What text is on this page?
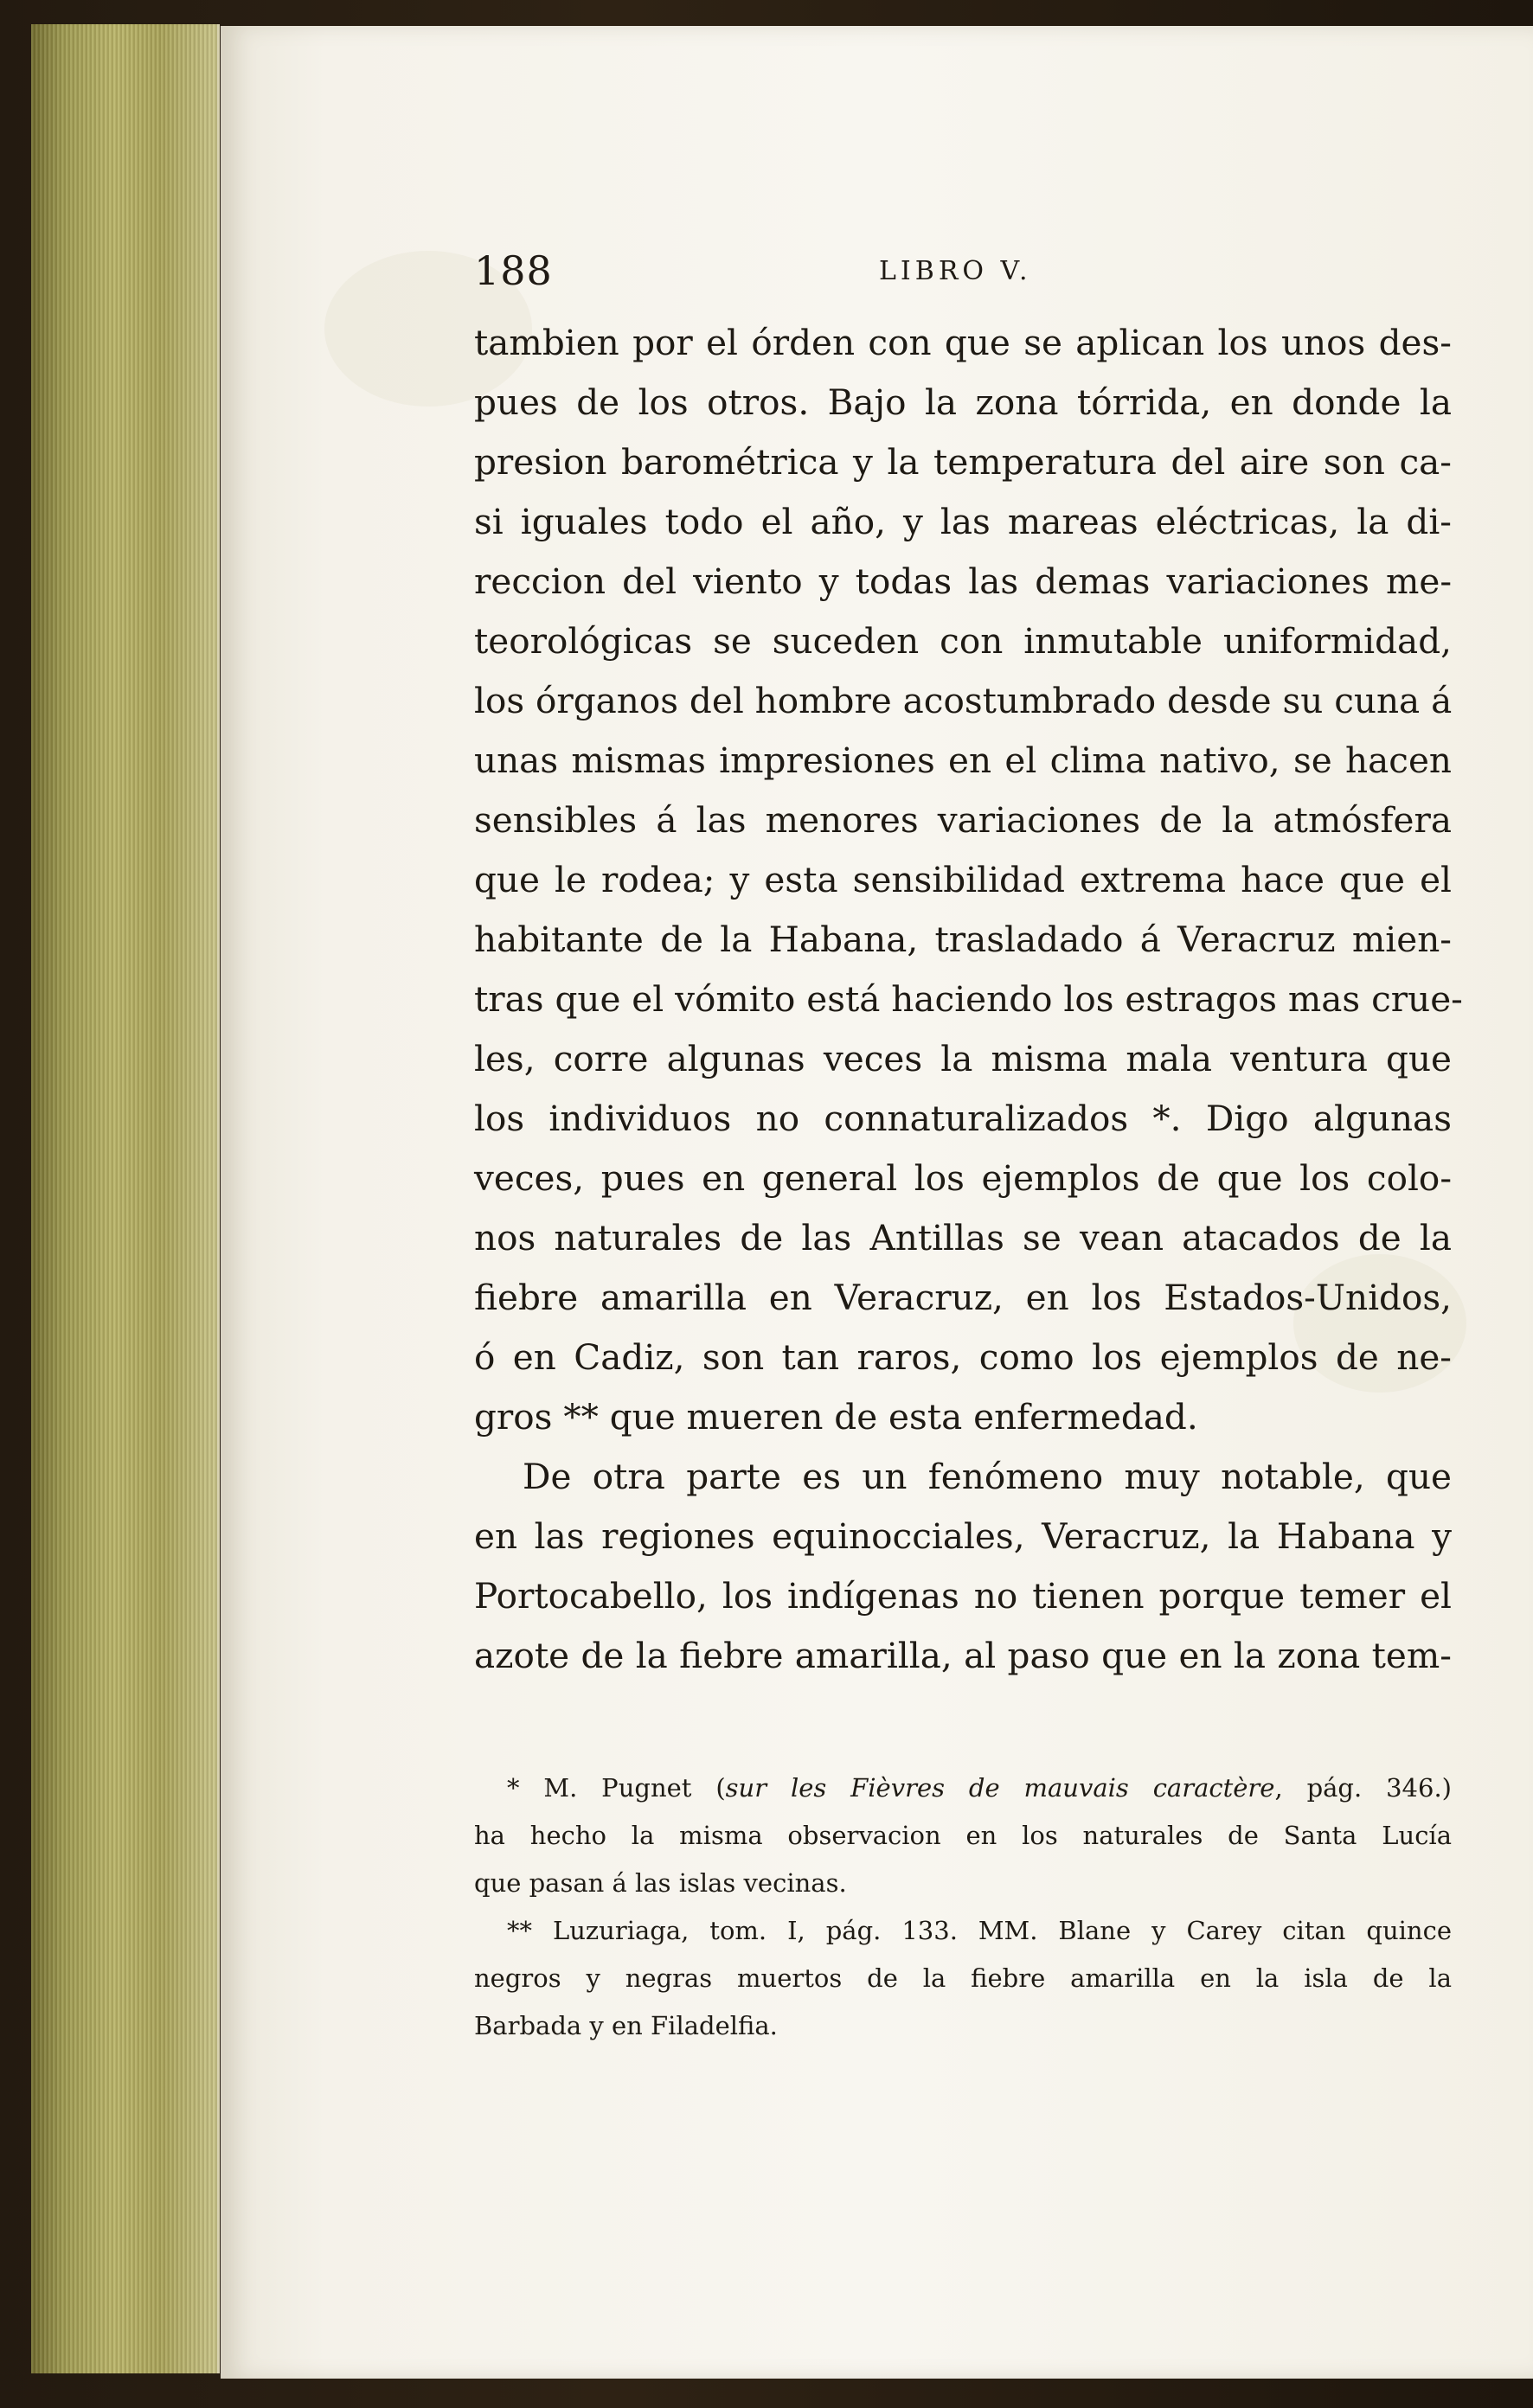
188	LIBRO V.
tambien por el órden con que se aplican los unos des-
pues de los otros. Bajo la zona tórrida, en donde la
presion barométrica y la temperatura del aire son ca-
si iguales todo el año, y las mareas eléctricas, la di-
reccion del viento y todas las demas variaciones me-
teorológicas se suceden con inmutable uniformidad,
los órganos del hombre acostumbrado desde su cuna á
unas mismas impresiones en el clima nativo, se hacen
sensibles á las menores variaciones de la atmósfera
que le rodea; y esta sensibilidad extrema hace que el
habitante de la Habana, trasladado á Veracruz mien-
tras que el vómito está haciendo los estragos mas crue-
les, corre algunas veces la misma mala ventura que
los individuos no connaturalizados *. Digo algunas
veces, pues en general los ejemplos de que los colo-
nos naturales de las Antillas se vean atacados de la
fiebre amarilla en Veracruz, en los Estados-Unidos,
ó en Cadiz, son tan raros, como los ejemplos de ne-
gros ** que mueren de esta enfermedad.
De otra parte es un fenómeno muy notable, que
en las regiones equinocciales, Veracruz, la Habana y
Portocabello, los indígenas no tienen porque temer el
azote de la fiebre amarilla, al paso que en la zona tem-
* M. Pugnet (sur les Fièvres de mauvais caractère, pág. 346.)
ha hecho la misma observacion en los naturales de Santa Lucía
que pasan á las islas vecinas.
** Luzuriaga, tom. I, pág. 133. MM. Blane y Carey citan quince
negros y negras muertos de la fiebre amarilla en la isla de la
Barbada y en Filadelfia.
